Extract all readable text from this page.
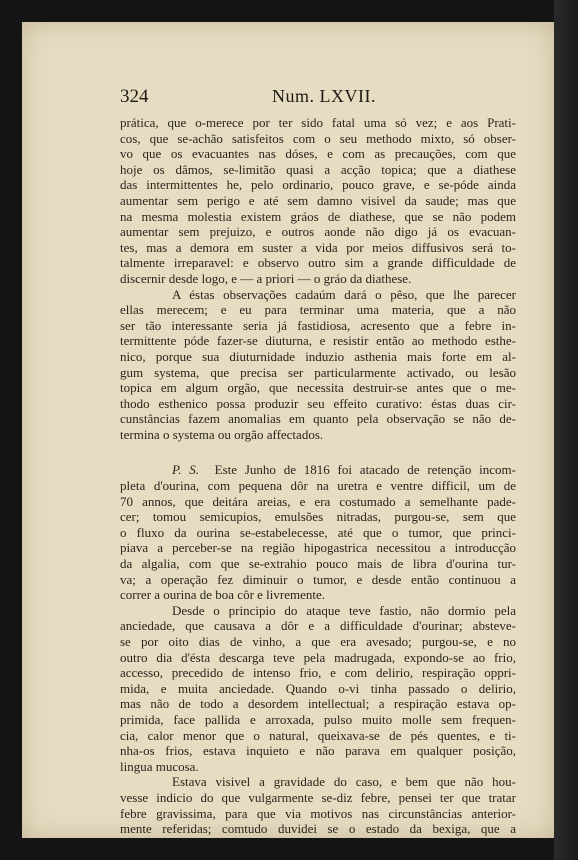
324	Num. LXVII.
prática, que o-merece por ter sido fatal uma só vez; e aos Prati-
cos, que se-achão satisfeitos com o seu methodo mixto, só obser-
vo que os evacuantes nas dóses, e com as precauções, com que
hoje os dâmos, se-limitão quasi a acção topica; que a diathese
das intermittentes he, pelo ordinario, pouco grave, e se-póde ainda
aumentar sem perigo e até sem damno visivel da saude; mas que
na mesma molestia existem gráos de diathese, que se não podem
aumentar sem prejuizo, e outros aonde não digo já os evacuan-
tes, mas a demora em suster a vida por meios diffusivos será to-
talmente irreparavel: e observo outro sim a grande difficuldade de
discernir desde logo, e — a priori — o gráo da diathese.
A éstas observações cadaúm dará o pêso, que lhe parecer
ellas merecem; e eu para terminar uma materia, que a não
ser tão interessante seria já fastidiosa, acresento que a febre in-
termittente póde fazer-se diuturna, e resistir então ao methodo esthe-
nico, porque sua diuturnidade induzio asthenia mais forte em al-
gum systema, que precisa ser particularmente activado, ou lesão
topica em algum orgão, que necessita destruir-se antes que o me-
thodo esthenico possa produzir seu effeito curativo: éstas duas cir-
cunstâncias fazem anomalias em quanto pela observação se não de-
termina o systema ou orgão affectados.
P. S. Este Junho de 1816 foi atacado de retenção incom-
pleta d'ourina, com pequena dôr na uretra e ventre difficil, um de
70 annos, que deitára areias, e era costumado a semelhante pade-
cer; tomou semicupios, emulsões nitradas, purgou-se, sem que
o fluxo da ourina se-estabelecesse, até que o tumor, que princi-
piava a perceber-se na região hipogastrica necessitou a introducção
da algalia, com que se-extrahio pouco mais de libra d'ourina tur-
va; a operação fez diminuir o tumor, e desde então continuou a
correr a ourina de boa côr e livremente.
Desde o principio do ataque teve fastio, não dormio pela
anciedade, que causava a dôr e a difficuldade d'ourinar; absteve-
se por oito dias de vinho, a que era avesado; purgou-se, e no
outro dia d'ésta descarga teve pela madrugada, expondo-se ao frio,
accesso, precedido de intenso frio, e com delirio, respiração oppri-
mida, e muita anciedade. Quando o-vi tinha passado o delirio,
mas não de todo a desordem intellectual; a respiração estava op-
primida, face pallida e arroxada, pulso muito molle sem frequen-
cia, calor menor que o natural, queixava-se de pés quentes, e ti-
nha-os frios, estava inquieto e não parava em qualquer posição,
lingua mucosa.
Estava visivel a gravidade do caso, e bem que não hou-
vesse indicio do que vulgarmente se-diz febre, pensei ter que tratar
febre gravissima, para que via motivos nas circunstâncias anterior-
mente referidas; comtudo duvidei se o estado da bexiga, que a
